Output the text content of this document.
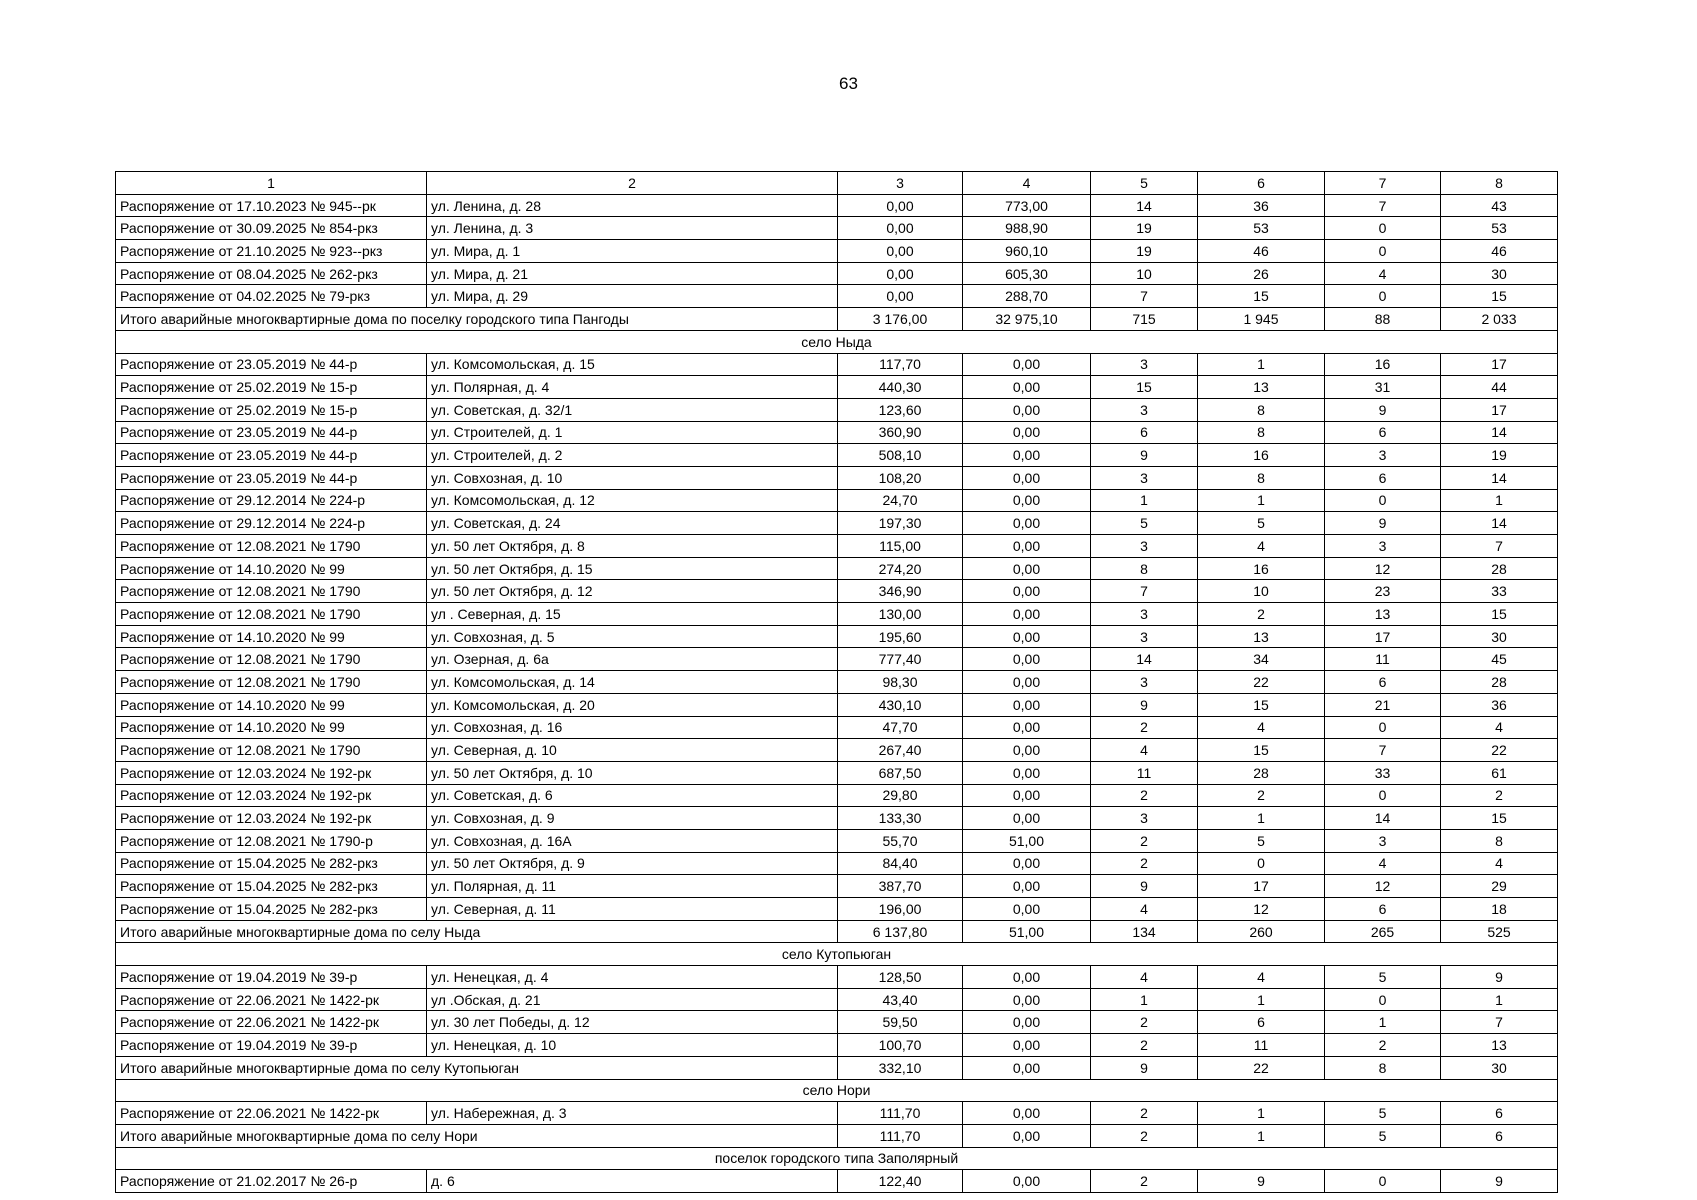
63
1	2	3	4	5	6	7	8
Распоряжение от 17.10.2023 № 945--рк	ул. Ленина, д. 28	0,00	773,00	14	36	7	43
Распоряжение от 30.09.2025 № 854-ркз	ул. Ленина, д. 3	0,00	988,90	19	53	0	53
Распоряжение от 21.10.2025 № 923--ркз	ул. Мира, д. 1	0,00	960,10	19	46	0	46
Распоряжение от 08.04.2025 № 262-ркз	ул. Мира, д. 21	0,00	605,30	10	26	4	30
Распоряжение от 04.02.2025 № 79-ркз	ул. Мира, д. 29	0,00	288,70	7	15	0	15
Итого аварийные многоквартирные дома по поселку городского типа Пангоды		3 176,00	32 975,10	715	1 945	88	2 033
село Ныда							
Распоряжение от 23.05.2019 № 44-р	ул. Комсомольская, д. 15	117,70	0,00	3	1	16	17
Распоряжение от 25.02.2019 № 15-р	ул. Полярная, д. 4	440,30	0,00	15	13	31	44
Распоряжение от 25.02.2019 № 15-р	ул. Советская, д. 32/1	123,60	0,00	3	8	9	17
Распоряжение от 23.05.2019 № 44-р	ул. Строителей, д. 1	360,90	0,00	6	8	6	14
Распоряжение от 23.05.2019 № 44-р	ул. Строителей, д. 2	508,10	0,00	9	16	3	19
Распоряжение от 23.05.2019 № 44-р	ул. Совхозная, д. 10	108,20	0,00	3	8	6	14
Распоряжение от 29.12.2014 № 224-р	ул. Комсомольская, д. 12	24,70	0,00	1	1	0	1
Распоряжение от 29.12.2014 № 224-р	ул. Советская, д. 24	197,30	0,00	5	5	9	14
Распоряжение от 12.08.2021 № 1790	ул. 50 лет Октября, д. 8	115,00	0,00	3	4	3	7
Распоряжение от 14.10.2020 № 99	ул. 50 лет Октября, д. 15	274,20	0,00	8	16	12	28
Распоряжение от 12.08.2021 № 1790	ул. 50 лет Октября, д. 12	346,90	0,00	7	10	23	33
Распоряжение от 12.08.2021 № 1790	ул . Северная, д. 15	130,00	0,00	3	2	13	15
Распоряжение от 14.10.2020 № 99	ул. Совхозная, д. 5	195,60	0,00	3	13	17	30
Распоряжение от 12.08.2021 № 1790	ул. Озерная, д. 6а	777,40	0,00	14	34	11	45
Распоряжение от 12.08.2021 № 1790	ул. Комсомольская, д. 14	98,30	0,00	3	22	6	28
Распоряжение от 14.10.2020 № 99	ул. Комсомольская, д. 20	430,10	0,00	9	15	21	36
Распоряжение от 14.10.2020 № 99	ул. Совхозная, д. 16	47,70	0,00	2	4	0	4
Распоряжение от 12.08.2021 № 1790	ул. Северная, д. 10	267,40	0,00	4	15	7	22
Распоряжение от 12.03.2024 № 192-рк	ул. 50 лет Октября, д. 10	687,50	0,00	11	28	33	61
Распоряжение от 12.03.2024 № 192-рк	ул. Советская, д. 6	29,80	0,00	2	2	0	2
Распоряжение от 12.03.2024 № 192-рк	ул. Совхозная, д. 9	133,30	0,00	3	1	14	15
Распоряжение от 12.08.2021 № 1790-р	ул. Совхозная, д. 16А	55,70	51,00	2	5	3	8
Распоряжение от 15.04.2025 № 282-ркз	ул. 50 лет Октября, д. 9	84,40	0,00	2	0	4	4
Распоряжение от 15.04.2025 № 282-ркз	ул. Полярная, д. 11	387,70	0,00	9	17	12	29
Распоряжение от 15.04.2025 № 282-ркз	ул. Северная, д. 11	196,00	0,00	4	12	6	18
Итого аварийные многоквартирные дома по селу Ныда		6 137,80	51,00	134	260	265	525
село Кутопьюган							
Распоряжение от 19.04.2019 № 39-р	ул. Ненецкая, д. 4	128,50	0,00	4	4	5	9
Распоряжение от 22.06.2021 № 1422-рк	ул .Обская, д. 21	43,40	0,00	1	1	0	1
Распоряжение от 22.06.2021 № 1422-рк	ул. 30 лет Победы, д. 12	59,50	0,00	2	6	1	7
Распоряжение от 19.04.2019 № 39-р	ул. Ненецкая, д. 10	100,70	0,00	2	11	2	13
Итого аварийные многоквартирные дома по селу Кутопьюган		332,10	0,00	9	22	8	30
село Нори							
Распоряжение от 22.06.2021 № 1422-рк	ул. Набережная, д. 3	111,70	0,00	2	1	5	6
Итого аварийные многоквартирные дома по селу Нори		111,70	0,00	2	1	5	6
поселок городского типа Заполярный							
Распоряжение от 21.02.2017 № 26-р	д. 6	122,40	0,00	2	9	0	9
